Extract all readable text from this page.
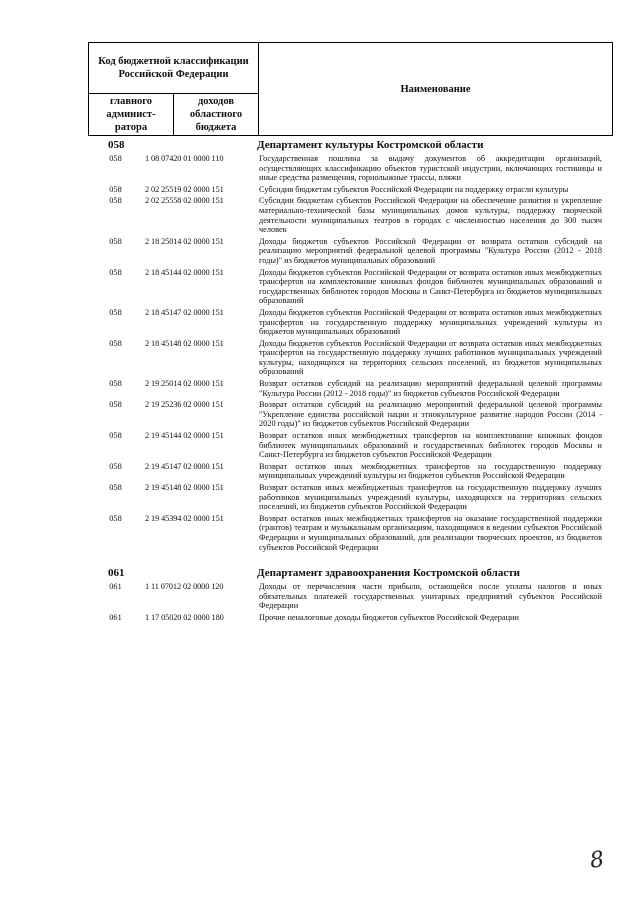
Код бюджетной классификации Российской Федерации		Наименование
главного админист-ратора	доходов областного бюджета	
058	Департамент культуры Костромской области
058	1 08 07420 01 0000 110	Государственная пошлина за выдачу документов об аккредитации организаций, осуществляющих классификацию объектов туристской индустрии, включающих гостиницы и иные средства размещения, горнолыжные трассы, пляжи
058	2 02 25519 02 0000 151	Субсидия бюджетам субъектов Российской Федерации на поддержку отрасли культуры
058	2 02 25558 02 0000 151	Субсидии бюджетам субъектов Российской Федерации на обеспечение развития и укрепление материально-технической базы муниципальных домов культуры, поддержку творческой деятельности муниципальных театров в городах с численностью населения до 300 тысяч человек
058	2 18 25014 02 0000 151	Доходы бюджетов субъектов Российской Федерации от возврата остатков субсидий на реализацию мероприятий федеральной целевой программы "Культура России (2012 - 2018 годы)" из бюджетов муниципальных образований
058	2 18 45144 02 0000 151	Доходы бюджетов субъектов Российской Федерации от возврата остатков иных межбюджетных трансфертов на комплектование книжных фондов библиотек муниципальных образований и государственных библиотек городов Москвы и Санкт-Петербурга из бюджетов муниципальных образований
058	2 18 45147 02 0000 151	Доходы бюджетов субъектов Российской Федерации от возврата остатков иных межбюджетных трансфертов на государственную поддержку муниципальных учреждений культуры из бюджетов муниципальных образований
058	2 18 45148 02 0000 151	Доходы бюджетов субъектов Российской Федерации от возврата остатков иных межбюджетных трансфертов на государственную поддержку лучших работников муниципальных учреждений культуры, находящихся на территориях сельских поселений, из бюджетов муниципальных образований
058	2 19 25014 02 0000 151	Возврат остатков субсидий на реализацию мероприятий федеральной целевой программы "Культура России (2012 - 2018 годы)" из бюджетов субъектов Российской Федерации
058	2 19 25236 02 0000 151	Возврат остатков субсидий на реализацию мероприятий федеральной целевой программы "Укрепление единства российской нации и этнокультурное развитие народов России (2014 - 2020 годы)" из бюджетов субъектов Российской Федерации
058	2 19 45144 02 0000 151	Возврат остатков иных межбюджетных трансфертов на комплектование книжных фондов библиотек муниципальных образований и государственных библиотек городов Москвы и Санкт-Петербурга из бюджетов субъектов Российской Федерации
058	2 19 45147 02 0000 151	Возврат остатков иных межбюджетных трансфертов на государственную поддержку муниципальных учреждений культуры из бюджетов субъектов Российской Федерации
058	2 19 45148 02 0000 151	Возврат остатков иных межбюджетных трансфертов на государственную поддержку лучших работников муниципальных учреждений культуры, находящихся на территориях сельских поселений, из бюджетов субъектов Российской Федерации
058	2 19 45394 02 0000 151	Возврат остатков иных межбюджетных трансфертов на оказание государственной поддержки (грантов) театрам и музыкальным организациям, находящимся в ведении субъектов Российской Федерации и муниципальных образований, для реализации творческих проектов, из бюджетов субъектов Российской Федерации
061	Департамент здравоохранения Костромской области
061	1 11 07012 02 0000 120	Доходы от перечисления части прибыли, остающейся после уплаты налогов и иных обязательных платежей государственных унитарных предприятий субъектов Российской Федерации
061	1 17 05020 02 0000 180	Прочие неналоговые доходы бюджетов субъектов Российской Федерации
8
